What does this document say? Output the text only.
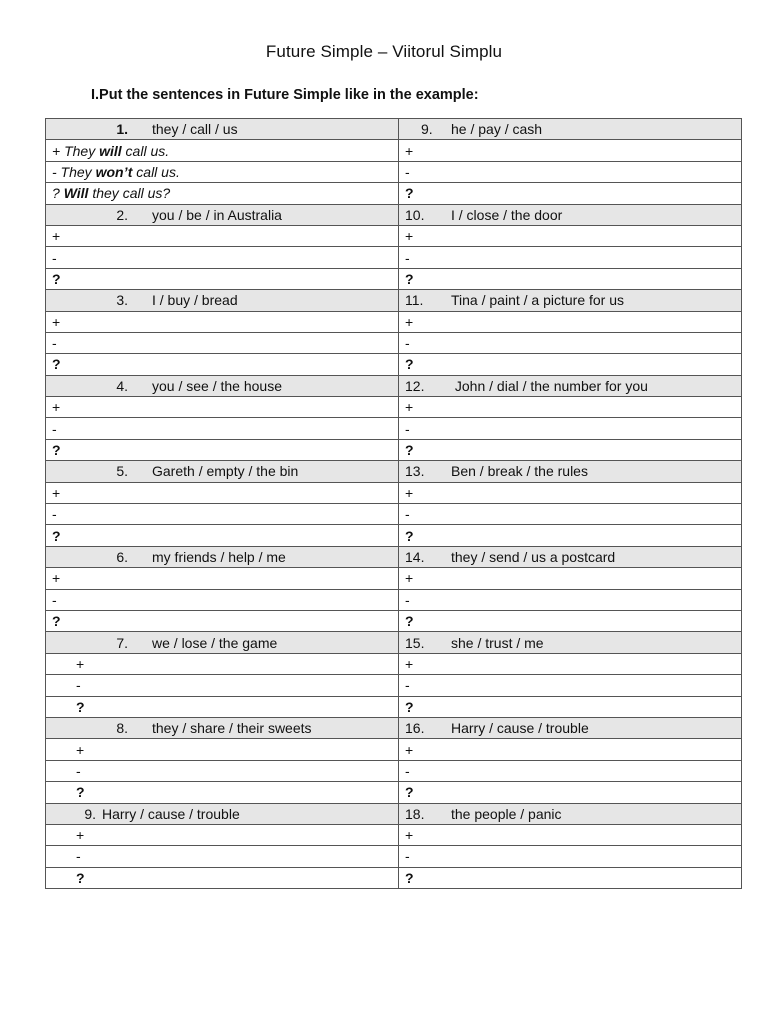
Future Simple – Viitorul Simplu
I.Put the sentences in Future Simple like in the example:
1. they / call / us	9. he / pay / cash
+ They will call us.	+
- They won’t call us.	-
? Will they call us?	?
2. you / be / in Australia	10. I / close / the door
+	+
-	-
?	?
3. I / buy / bread	11. Tina / paint / a picture for us
+	+
-	-
?	?
4. you / see / the house	12. John / dial / the number for you
+	+
-	-
?	?
5. Gareth / empty / the bin	13. Ben / break / the rules
+	+
-	-
?	?
6. my friends / help / me	14. they / send / us a postcard
+	+
-	-
?	?
7. we / lose / the game	15. she / trust / me
+	+
-	-
?	?
8. they / share / their sweets	16. Harry / cause / trouble
+	+
-	-
?	?
9. Harry / cause / trouble	18. the people / panic
+	+
-	-
?	?
